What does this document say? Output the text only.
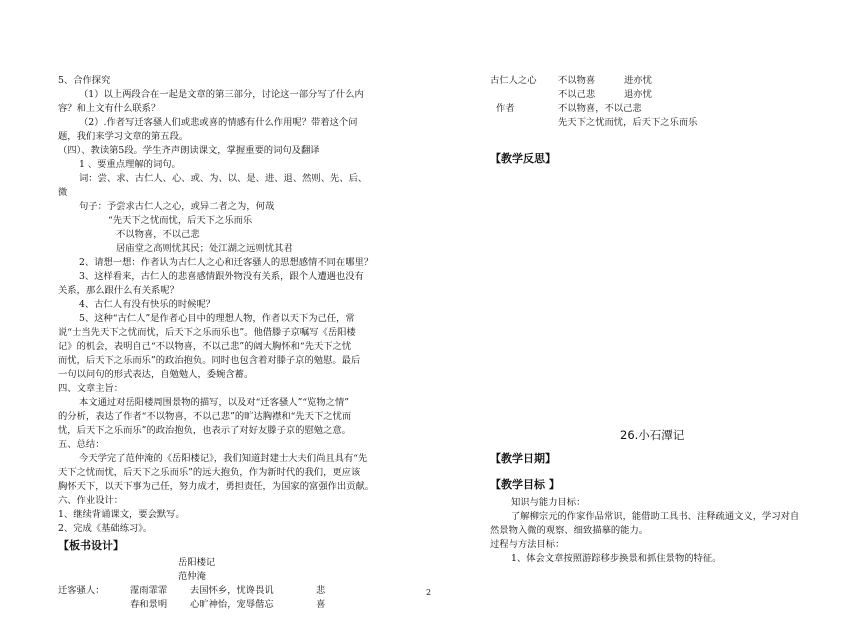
5、合作探究
（1）以上两段合在一起是文章的第三部分，讨论这一部分写了什么内
容？和上文有什么联系？
（2）.作者写迁客骚人们或悲或喜的情感有什么作用呢？带着这个问
题，我们来学习文章的第五段。
（四）、教读第5段。学生齐声朗读课文，掌握重要的词句及翻译
1 、要重点理解的词句。
词：尝、求、古仁人、心、或、为、以、是、进、退、然则、先、后、
微
句子：予尝求古仁人之心，或异二者之为，何哉
“先天下之忧而忧，后天下之乐而乐
不以物喜，不以己悲
居庙堂之高则忧其民；处江湖之远则忧其君
2、请想一想：作者认为古仁人之心和迁客骚人的思想感情不同在哪里？
3、这样看来，古仁人的悲喜感情跟外物没有关系，跟个人遭遇也没有
关系，那么跟什么有关系呢？
4、古仁人有没有快乐的时候呢？
5、这种“古仁人”是作者心目中的理想人物，作者以天下为己任，常
说“士当先天下之忧而忧，后天下之乐而乐也”。他借滕子京嘱写《岳阳楼
记》的机会，表明自己“不以物喜，不以己悲”的阔大胸怀和“先天下之忧
而忧，后天下之乐而乐”的政治抱负。同时也包含着对滕子京的勉慰。最后
一句以问句的形式表达，自勉勉人，委婉含蓄。
四、文章主旨：
本文通过对岳阳楼周围景物的描写，以及对“迁客骚人”“览物之情”
的分析，表达了作者“不以物喜，不以己悲”的旷达胸襟和“先天下之忧而
忧，后天下之乐而乐”的政治抱负，也表示了对好友滕子京的慰勉之意。
五、总结：
今天学完了范仲淹的《岳阳楼记》，我们知道封建士大夫们尚且具有“先
天下之忧而忧，后天下之乐而乐”的远大抱负，作为新时代的我们，更应该
胸怀天下，以天下事为己任，努力成才，勇担责任，为国家的富强作出贡献。
六、作业设计：
1、继续背诵课文，要会默写。
2、完成《基础练习》。
【板书设计】
岳阳楼记
范仲淹
迁客骚人：	霪雨霏霏 去国怀乡，忧谗畏讥	悲
春和景明 心旷神怡，宠辱偕忘	喜
古仁人之心 不以物喜	进亦忧
不以己悲	退亦忧
作者	不以物喜，不以己悲
先天下之忧而忧，后天下之乐而乐
【教学反思】
26.小石潭记
【教学日期】
【教学目标 】
知识与能力目标：
了解柳宗元的作家作品常识，能借助工具书、注释疏通文义，学习对自
然景物入微的观察、细致描摹的能力。
过程与方法目标：
1、体会文章按照游踪移步换景和抓住景物的特征。
2
